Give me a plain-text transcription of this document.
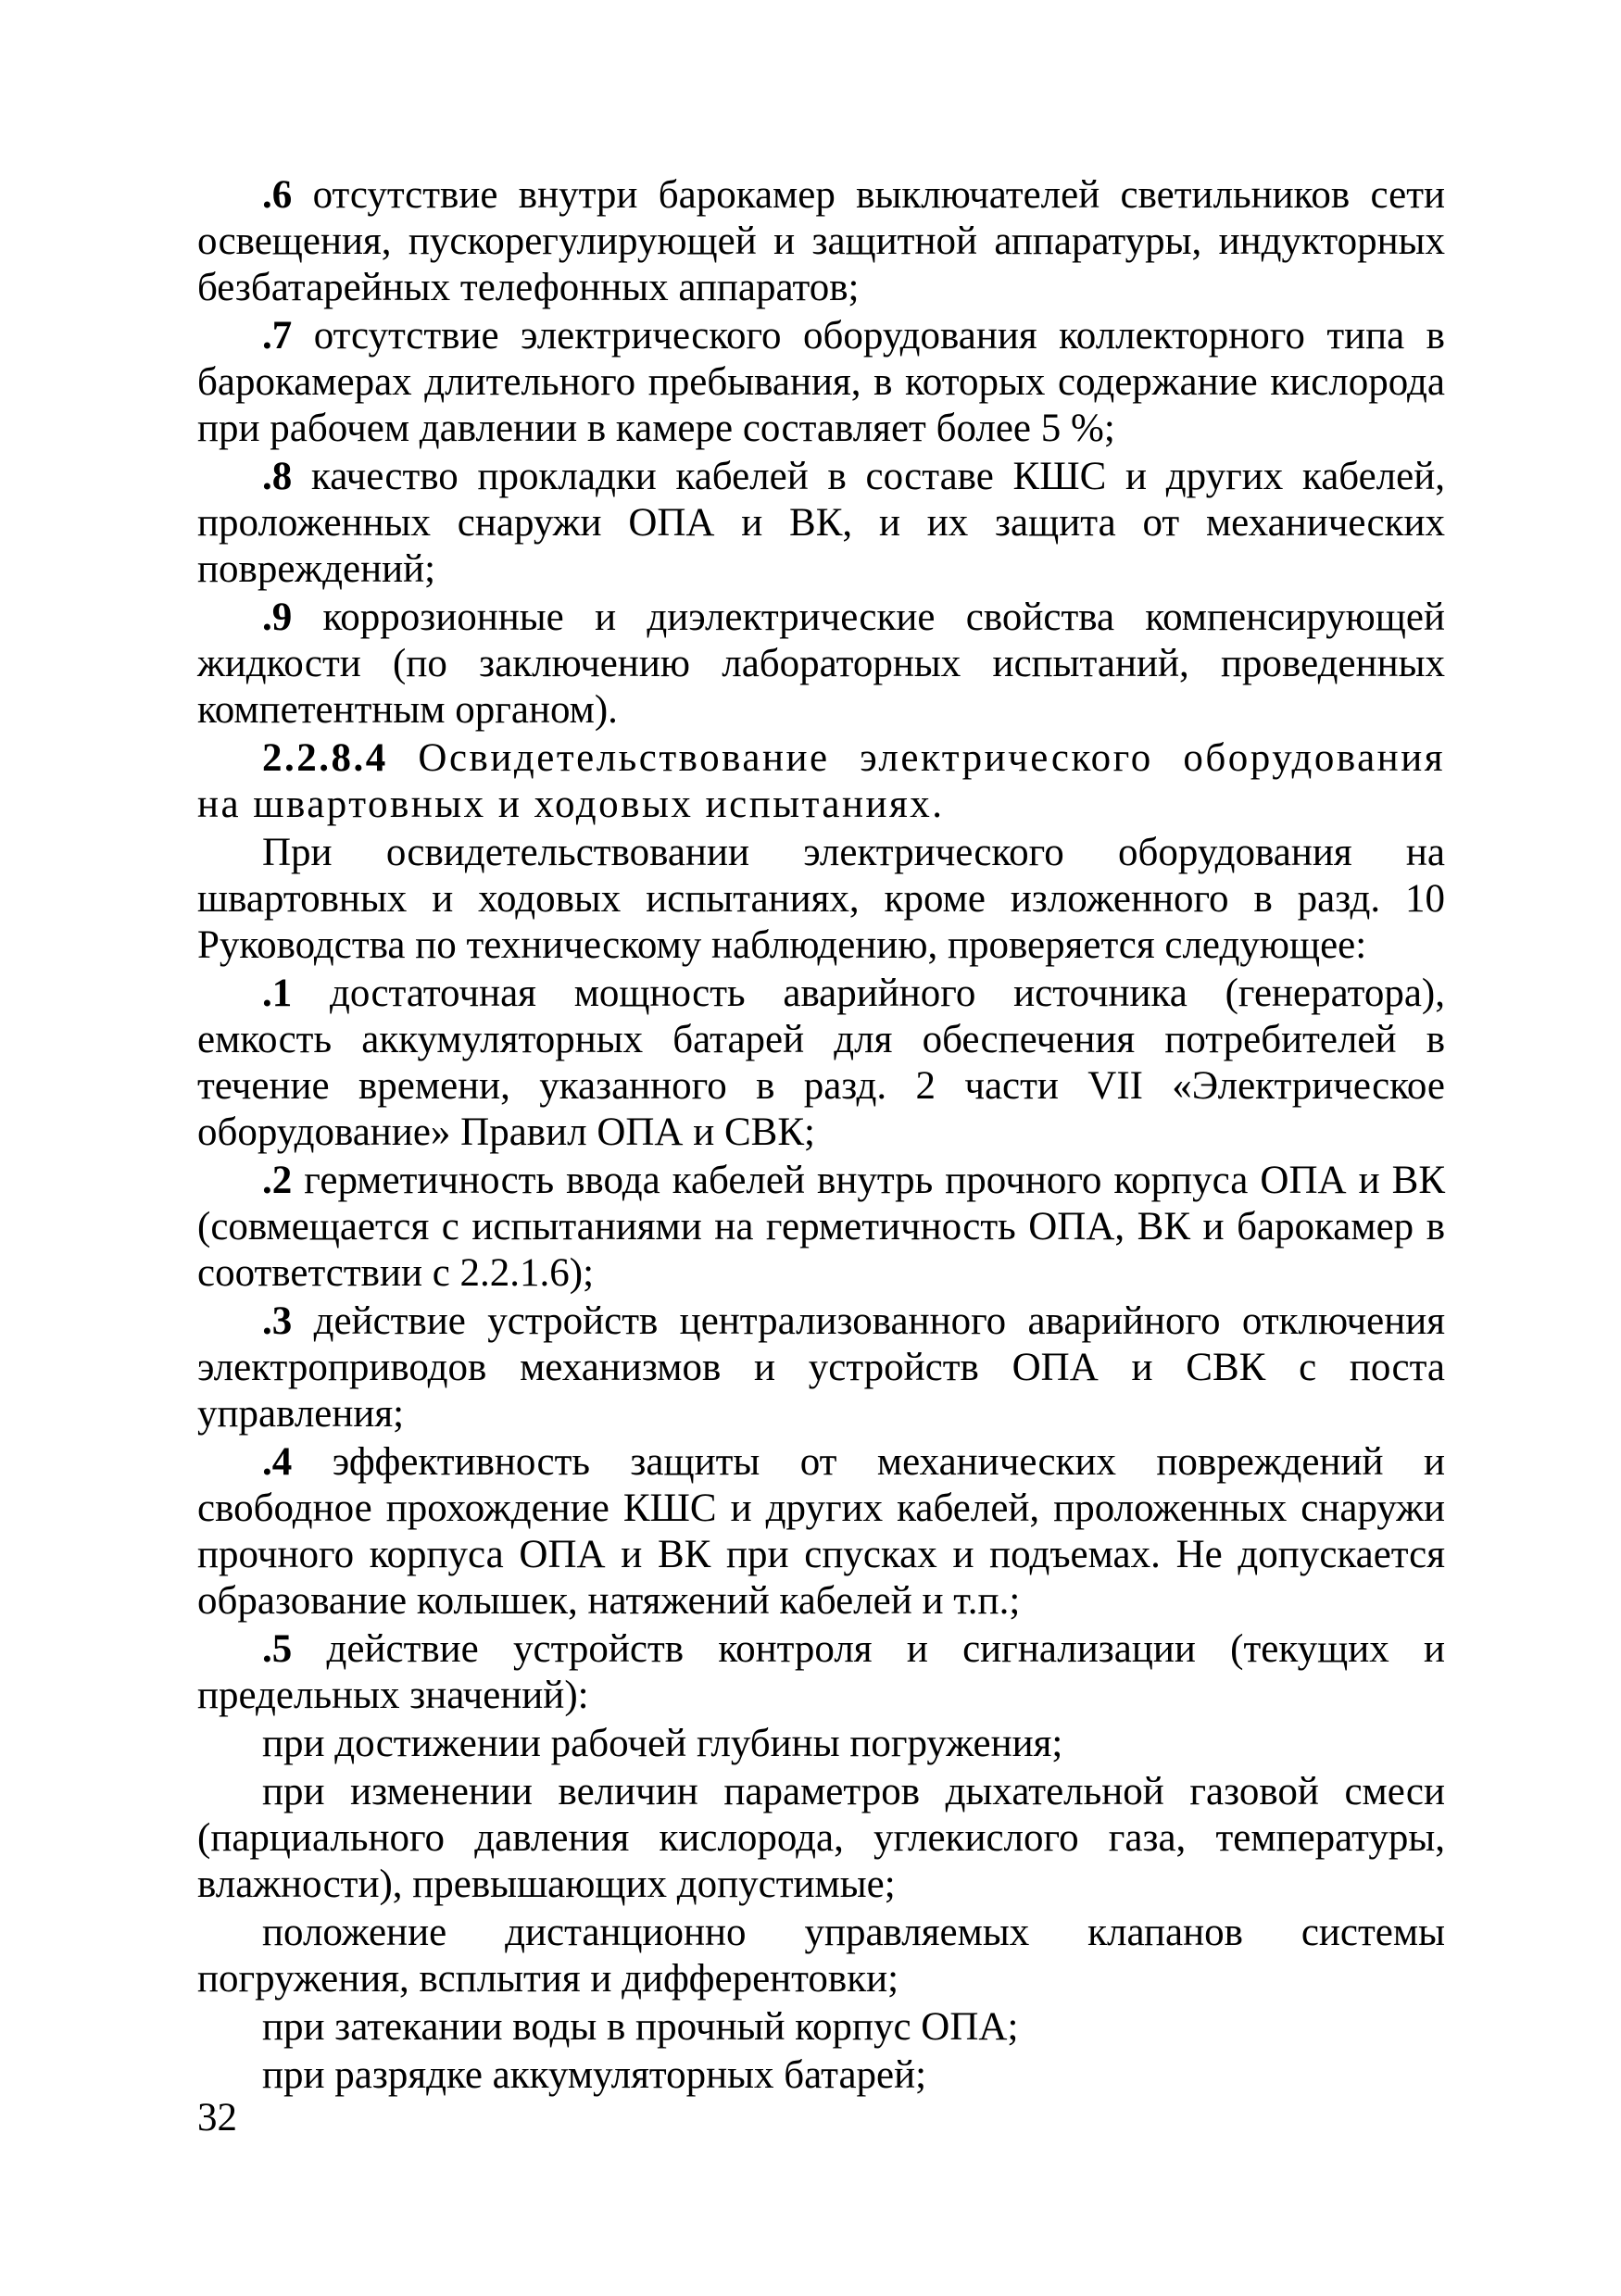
.6 отсутствие внутри барокамер выключателей светильников сети освещения, пускорегулирующей и защитной аппаратуры, индукторных безбатарейных телефонных аппаратов;

.7 отсутствие электрического оборудования коллекторного типа в барокамерах длительного пребывания, в которых содержание кислорода при рабочем давлении в камере составляет более 5 %;

.8 качество прокладки кабелей в составе КШС и других кабелей, проложенных снаружи ОПА и ВК, и их защита от механических повреждений;

.9 коррозионные и диэлектрические свойства компенсирующей жидкости (по заключению лабораторных испытаний, проведенных компетентным органом).

2.2.8.4 Освидетельствование электрического оборудования на швартовных и ходовых испытаниях.

При освидетельствовании электрического оборудования на швартовных и ходовых испытаниях, кроме изложенного в разд. 10 Руководства по техническому наблюдению, проверяется следующее:

.1 достаточная мощность аварийного источника (генератора), емкость аккумуляторных батарей для обеспечения потребителей в течение времени, указанного в разд. 2 части VII «Электрическое оборудование» Правил ОПА и СВК;

.2 герметичность ввода кабелей внутрь прочного корпуса ОПА и ВК (совмещается с испытаниями на герметичность ОПА, ВК и барокамер в соответствии с 2.2.1.6);

.3 действие устройств централизованного аварийного отключения электроприводов механизмов и устройств ОПА и СВК с поста управления;

.4 эффективность защиты от механических повреждений и свободное прохождение КШС и других кабелей, проложенных снаружи прочного корпуса ОПА и ВК при спусках и подъемах. Не допускается образование колышек, натяжений кабелей и т.п.;

.5 действие устройств контроля и сигнализации (текущих и предельных значений):

при достижении рабочей глубины погружения;

при изменении величин параметров дыхательной газовой смеси (парциального давления кислорода, углекислого газа, температуры, влажности), превышающих допустимые;

положение дистанционно управляемых клапанов системы погружения, всплытия и дифферентовки;

при затекании воды в прочный корпус ОПА;

при разрядке аккумуляторных батарей;

32
